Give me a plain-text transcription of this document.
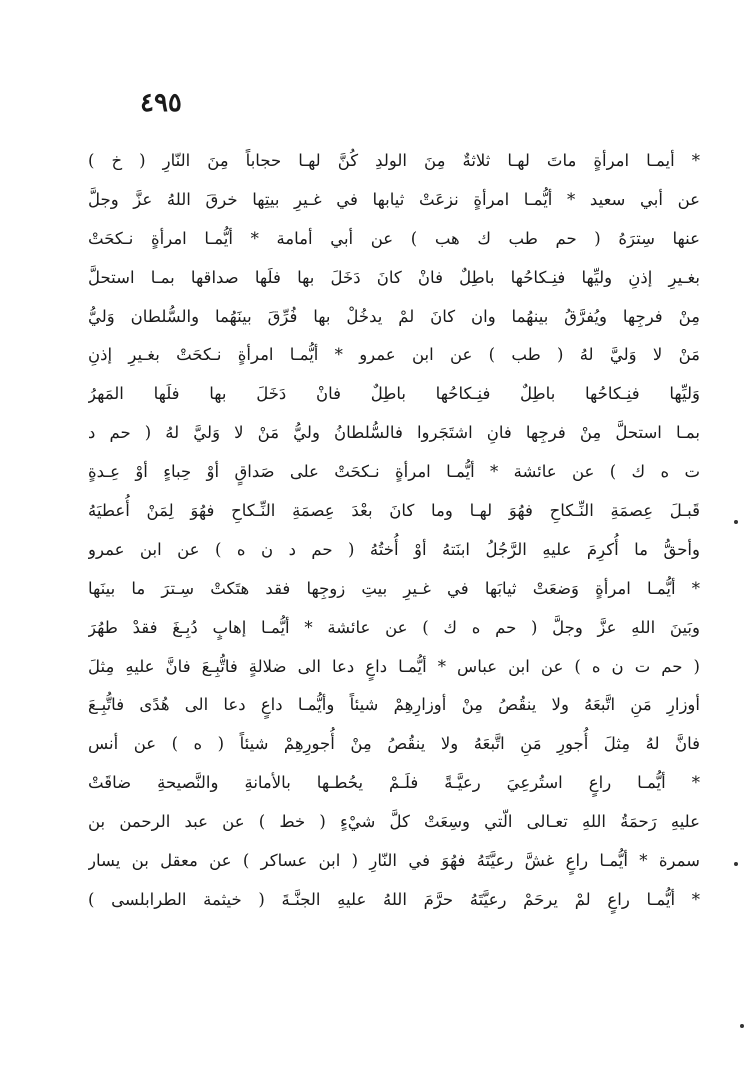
٤٩٥
* أيمـا امرأةٍ ماتَ لهـا ثلاثةٌ مِنَ الولدِ كُنَّ لهـا حجاباً مِنَ النّارِ ( خ )
عن أبي سعيد * أيُّمـا امرأةٍ نزعَتْ ثيابها في غـيرِ بيتِها خرقَ اللهُ عزَّ وجلَّ
عنها سِترَهُ ( حم طب ك هب ) عن أبي أمامة * أيُّمـا امرأةٍ نـكحَتْ
بغـيرِ إذنِ وليِّها فنِـكاحُها باطِلٌ فانْ كانَ دَخَلَ بها فلَها صداقها بمـا استحلَّ
مِنْ فرجِها ويُفرَّقُ بينهُما وان كانَ لمْ يدخُلْ بها فُرِّقَ بينَهُما والسُّلطان وَليُّ
مَنْ لا وَليَّ لهُ ( طب ) عن ابن عمرو * أيُّمـا امرأةٍ نـكحَتْ بغـيرِ إذنِ
وَليِّها فنِـكاحُها باطِلٌ فنِـكاحُها باطِلٌ فانْ دَخَلَ بها فلَها المَهرُ
بمـا استحلَّ مِنْ فرجِها فانِ اشتَجَروا فالسُّلطانُ وليُّ مَنْ لا وَليَّ لهُ ( حم د
ت ه ك ) عن عائشة * أيُّمـا امرأةٍ نـكحَتْ على صَداقٍ أوْ حِباءٍ أوْ عِـدةٍ
قَبـلَ عِصمَةِ النِّـكاحِ فهُوَ لهـا وما كانَ بعْدَ عِصمَةِ النِّـكاحِ فهُوَ لِمَنْ أُعطيَهُ
وأحقُّ ما أُكرِمَ عليهِ الرَّجُلُ ابنَتهُ أوْ أُختُهُ ( حم د ن ه ) عن ابن عمرو
* أيُّمـا امرأةٍ وَضعَتْ ثيابَها في غـيرِ بيتِ زوجِها فقد هتَكتْ سِـترَ ما بينَها
وبَينَ اللهِ عزَّ وجلَّ ( حم ه ك ) عن عائشة * أيُّمـا إهابٍ دُبِـغَ فقدْ طهُرَ
( حم ت ن ه ) عن ابن عباس * أيُّمـا داعٍ دعا الى ضلالةٍ فاتُّبِـعَ فانَّ عليهِ مِثلَ
أوزارِ مَنِ اتَّبعَهُ ولا ينقُصُ مِنْ أوزارِهِمْ شيئاً وأيُّمـا داعٍ دعا الى هُدًى فاتُّبِـعَ
فانَّ لهُ مِثلَ أُجورِ مَنِ اتَّبعَهُ ولا ينقُصُ مِنْ أُجورِهِمْ شيئاً ( ه ) عن أنس
* أيُّمـا راعٍ استُرعِيَ رعيَّـةً فلَـمْ يحُطـها بالأمانةِ والنَّصيحةِ ضاقَتْ
عليهِ رَحمَةُ اللهِ تعـالى الّتي وسِعَتْ كلَّ شيْءٍ ( خط ) عن عبد الرحمن بن
سمرة * أيُّمـا راعٍ غشَّ رعيَّتَهُ فهُوَ في النّارِ ( ابن عساكر ) عن معقل بن يسار
* أيُّمـا راعٍ لمْ يرحَمْ رعيَّتَهُ حرَّمَ اللهُ عليهِ الجنَّـةَ ( خيثمة الطرابلسى )
